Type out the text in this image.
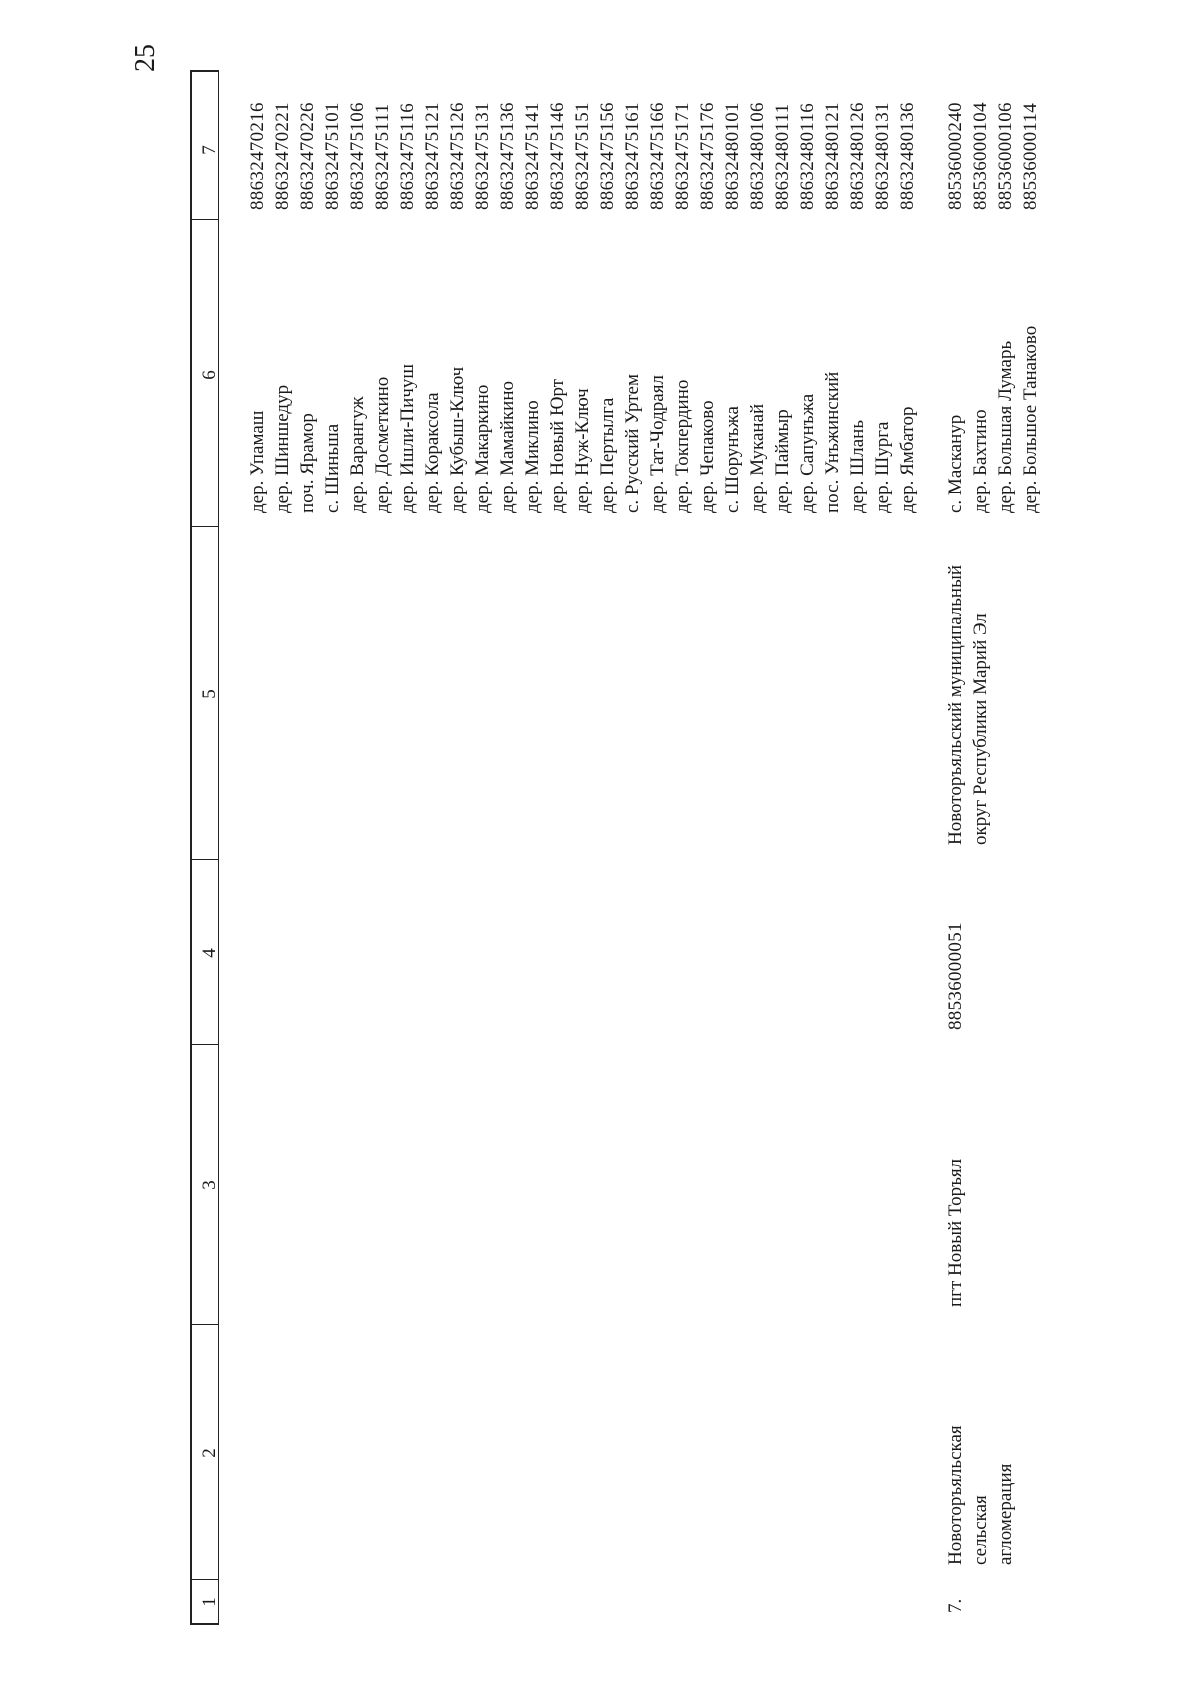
25
1
2
3
4
5
6
7
дер. Упамаш
88632470216
дер. Шиншедур
88632470221
поч. Ярамор
88632470226
с. Шиньша
88632475101
дер. Варангуж
88632475106
дер. Досметкино
88632475111
дер. Ишли-Пичуш
88632475116
дер. Кораксола
88632475121
дер. Кубыш-Ключ
88632475126
дер. Макаркино
88632475131
дер. Мамайкино
88632475136
дер. Миклино
88632475141
дер. Новый Юрт
88632475146
дер. Нуж-Ключ
88632475151
дер. Пертылга
88632475156
с. Русский Уртем
88632475161
дер. Тат-Чодраял
88632475166
дер. Токпердино
88632475171
дер. Чепаково
88632475176
с. Шорунъжа
88632480101
дер. Муканай
88632480106
дер. Паймыр
88632480111
дер. Сапунъжа
88632480116
пос. Унъжинский
88632480121
дер. Шлань
88632480126
дер. Шурга
88632480131
дер. Ямбатор
88632480136
7.
Новоторъяльская сельская агломерация
пгт Новый Торъял
88536000051
Новоторъяльский муниципальный округ Республики Марий Эл
с. Масканур
88536000240
дер. Бахтино
88536000104
дер. Большая Лумарь
88536000106
дер. Большое Танаково
88536000114
